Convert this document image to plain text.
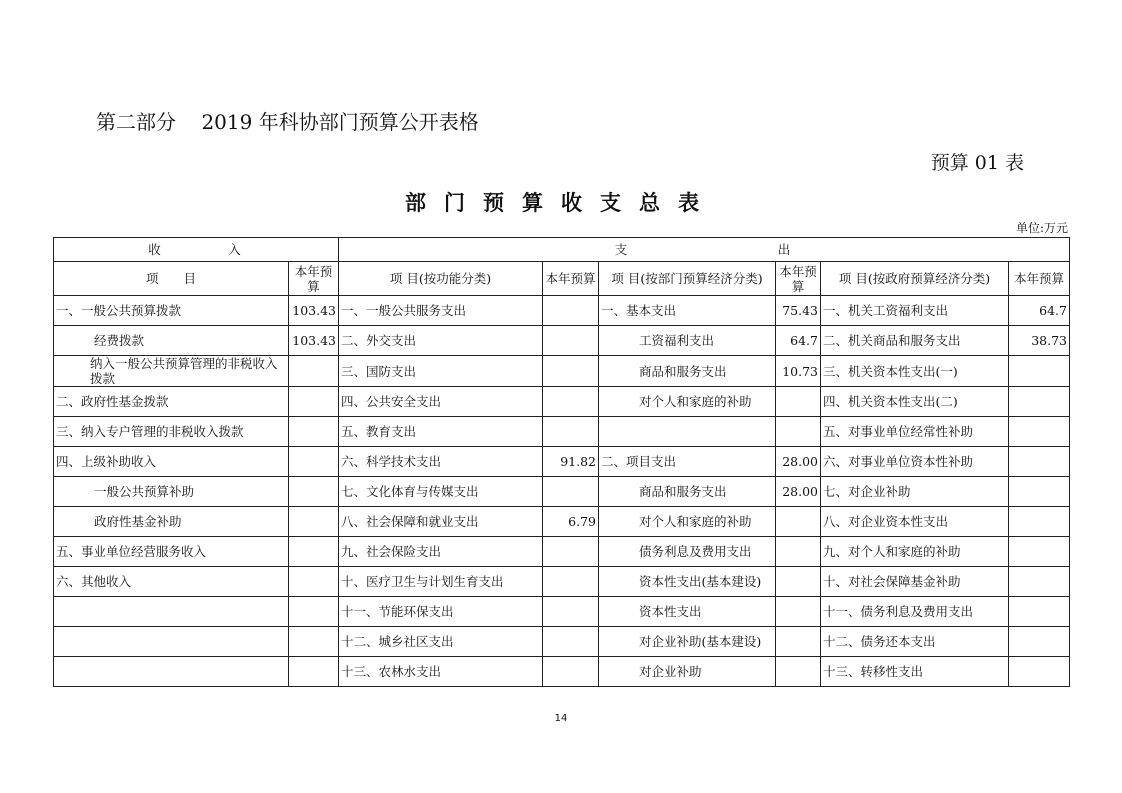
第二部分 2019 年科协部门预算公开表格
预算 01 表
部门预算收支总表
单位:万元
收 入		支 出					

项　　目	本年预算	项 目(按功能分类)	本年预算	项 目(按部门预算经济分类)	本年预算	项 目(按政府预算经济分类)	本年预算
一、一般公共预算拨款	103.43	一、一般公共服务支出		一、基本支出	75.43	一、机关工资福利支出	64.7
经费拨款	103.43	二、外交支出		工资福利支出	64.7	二、机关商品和服务支出	38.73
纳入一般公共预算管理的非税收入拨款		三、国防支出		商品和服务支出	10.73	三、机关资本性支出(一)	
二、政府性基金拨款		四、公共安全支出		对个人和家庭的补助		四、机关资本性支出(二)	
三、纳入专户管理的非税收入拨款		五、教育支出				五、对事业单位经常性补助	
四、上级补助收入		六、科学技术支出	91.82	二、项目支出	28.00	六、对事业单位资本性补助	
一般公共预算补助		七、文化体育与传媒支出		商品和服务支出	28.00	七、对企业补助	
政府性基金补助		八、社会保障和就业支出	6.79	对个人和家庭的补助		八、对企业资本性支出	
五、事业单位经营服务收入		九、社会保险支出		债务利息及费用支出		九、对个人和家庭的补助	
六、其他收入		十、医疗卫生与计划生育支出		资本性支出(基本建设)		十、对社会保障基金补助	
		十一、节能环保支出		资本性支出		十一、债务利息及费用支出	
		十二、城乡社区支出		对企业补助(基本建设)		十二、债务还本支出	
		十三、农林水支出		对企业补助		十三、转移性支出	
14
